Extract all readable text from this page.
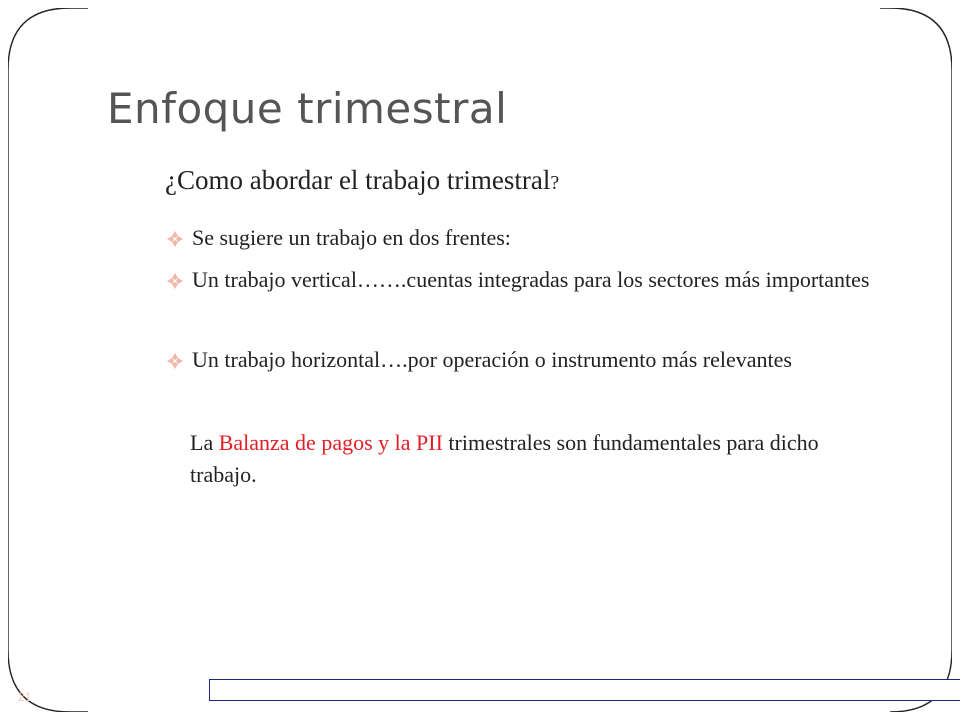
Enfoque trimestral
¿Como abordar el trabajo trimestral?
Se sugiere un trabajo en dos frentes:
Un trabajo vertical…….cuentas integradas para los sectores más importantes
Un trabajo horizontal….por operación o instrumento más relevantes
La Balanza de pagos y la PII trimestrales son fundamentales para dicho trabajo.
21
